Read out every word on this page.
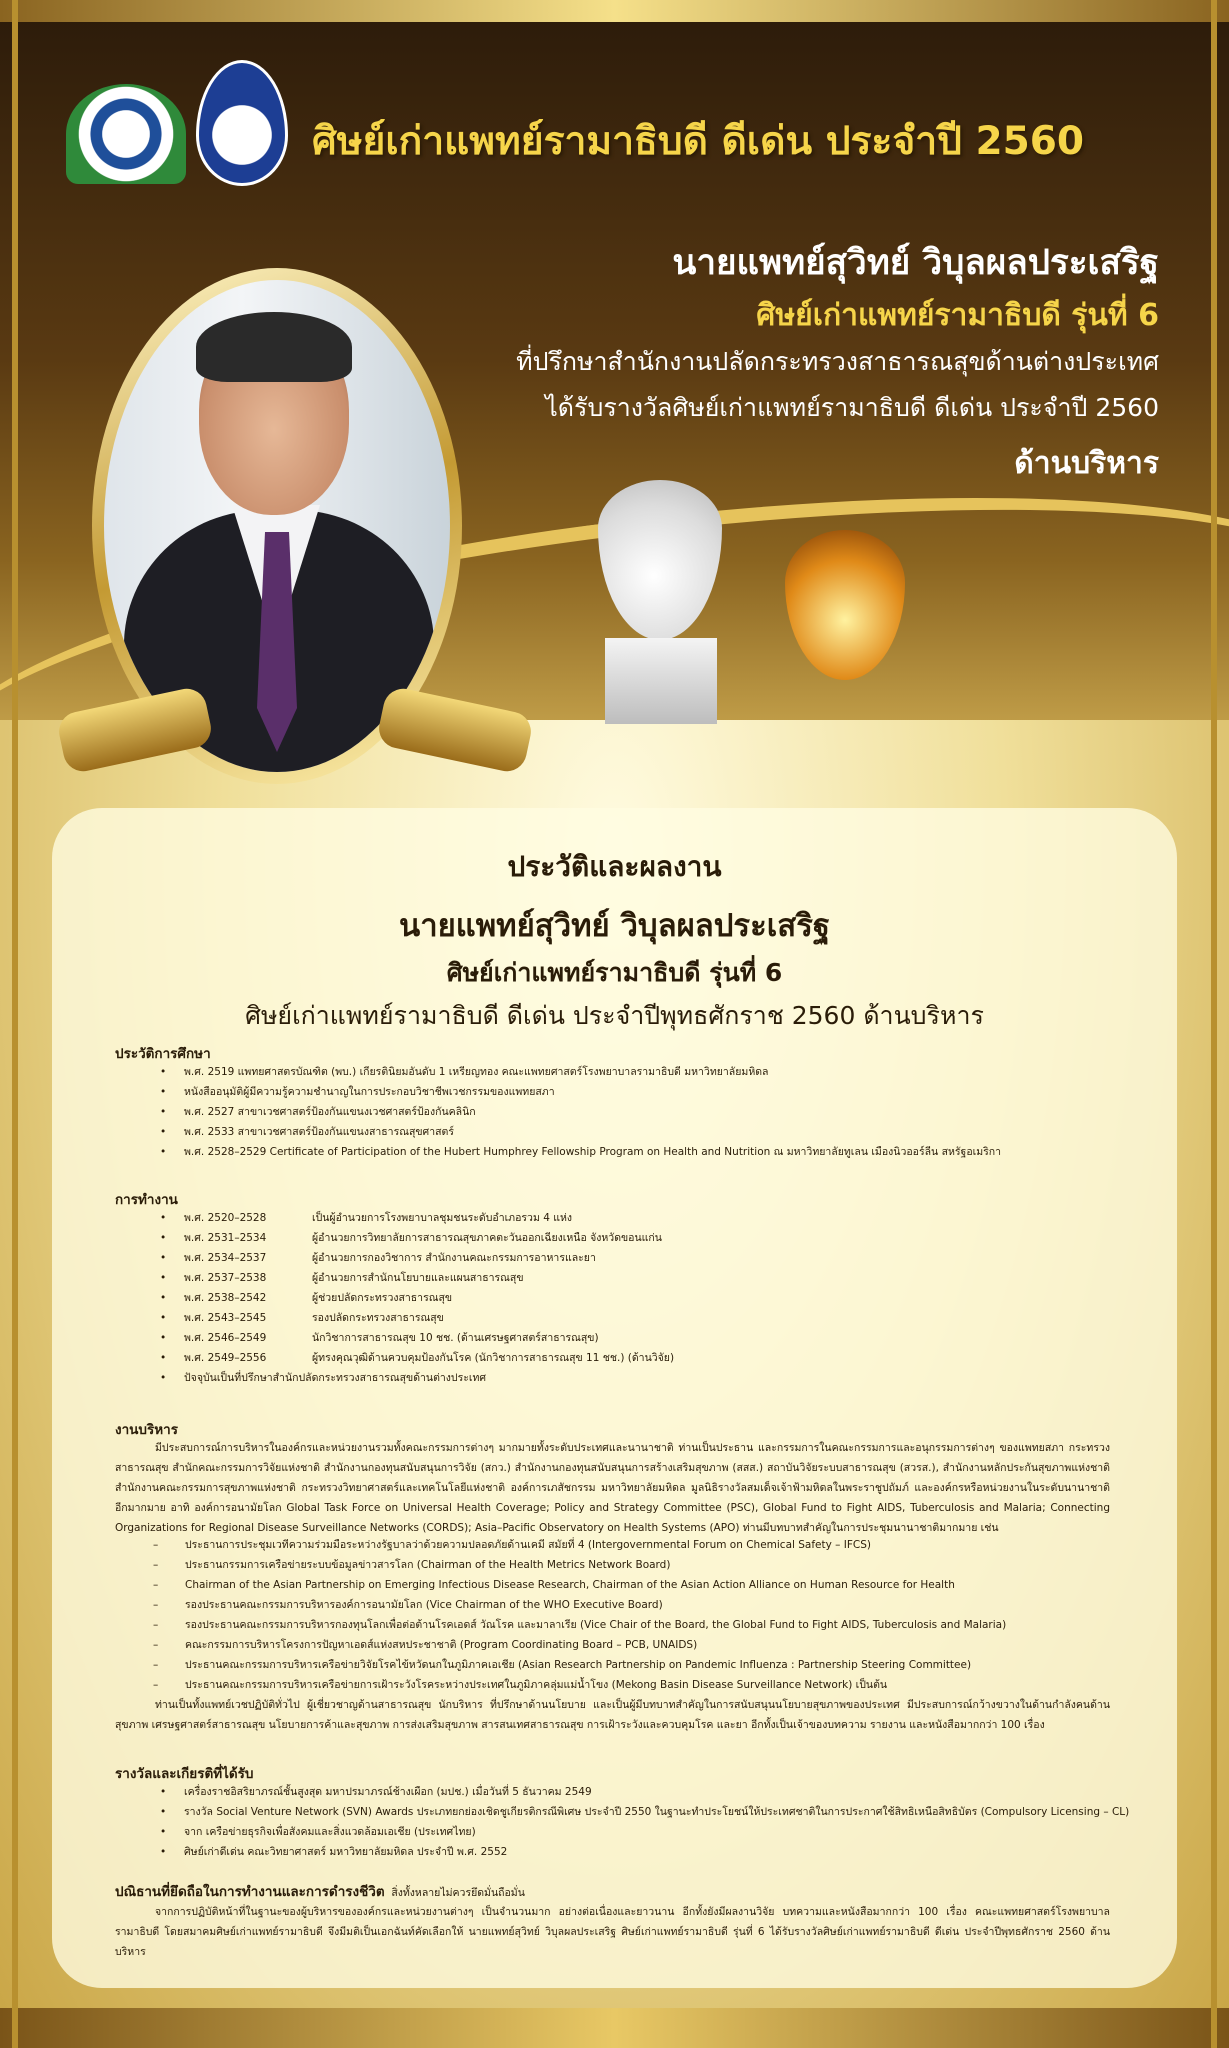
ศิษย์เก่าแพทย์รามาธิบดี ดีเด่น ประจำปี 2560
นายแพทย์สุวิทย์ วิบุลผลประเสริฐ
ศิษย์เก่าแพทย์รามาธิบดี รุ่นที่ 6
ที่ปรึกษาสำนักงานปลัดกระทรวงสาธารณสุขด้านต่างประเทศ
ได้รับรางวัลศิษย์เก่าแพทย์รามาธิบดี ดีเด่น ประจำปี 2560
ด้านบริหาร
ประวัติและผลงาน
นายแพทย์สุวิทย์ วิบุลผลประเสริฐ
ศิษย์เก่าแพทย์รามาธิบดี รุ่นที่ 6
ศิษย์เก่าแพทย์รามาธิบดี ดีเด่น ประจำปีพุทธศักราช 2560 ด้านบริหาร
ประวัติการศึกษา
• พ.ศ. 2519 แพทยศาสตรบัณฑิต (พบ.) เกียรตินิยมอันดับ 1 เหรียญทอง คณะแพทยศาสตร์โรงพยาบาลรามาธิบดี มหาวิทยาลัยมหิดล
• หนังสืออนุมัติผู้มีความรู้ความชำนาญในการประกอบวิชาชีพเวชกรรมของแพทยสภา
• พ.ศ. 2527 สาขาเวชศาสตร์ป้องกันแขนงเวชศาสตร์ป้องกันคลินิก
• พ.ศ. 2533 สาขาเวชศาสตร์ป้องกันแขนงสาธารณสุขศาสตร์
• พ.ศ. 2528–2529 Certificate of Participation of the Hubert Humphrey Fellowship Program on Health and Nutrition ณ มหาวิทยาลัยทูเลน เมืองนิวออร์ลีน สหรัฐอเมริกา
การทำงาน
• พ.ศ. 2520–2528	เป็นผู้อำนวยการโรงพยาบาลชุมชนระดับอำเภอรวม 4 แห่ง
• พ.ศ. 2531–2534	ผู้อำนวยการวิทยาลัยการสาธารณสุขภาคตะวันออกเฉียงเหนือ จังหวัดขอนแก่น
• พ.ศ. 2534–2537	ผู้อำนวยการกองวิชาการ สำนักงานคณะกรรมการอาหารและยา
• พ.ศ. 2537–2538	ผู้อำนวยการสำนักนโยบายและแผนสาธารณสุข
• พ.ศ. 2538–2542	ผู้ช่วยปลัดกระทรวงสาธารณสุข
• พ.ศ. 2543–2545	รองปลัดกระทรวงสาธารณสุข
• พ.ศ. 2546–2549	นักวิชาการสาธารณสุข 10 ชช. (ด้านเศรษฐศาสตร์สาธารณสุข)
• พ.ศ. 2549–2556	ผู้ทรงคุณวุฒิด้านควบคุมป้องกันโรค (นักวิชาการสาธารณสุข 11 ชช.) (ด้านวิจัย)
• ปัจจุบันเป็นที่ปรึกษาสำนักปลัดกระทรวงสาธารณสุขด้านต่างประเทศ
งานบริหาร
มีประสบการณ์การบริหารในองค์กรและหน่วยงานรวมทั้งคณะกรรมการต่างๆ มากมายทั้งระดับประเทศและนานาชาติ ท่านเป็นประธาน และกรรมการในคณะกรรมการและอนุกรรมการต่างๆ ของแพทยสภา กระทรวงสาธารณสุข สำนักคณะกรรมการวิจัยแห่งชาติ สำนักงานกองทุนสนับสนุนการวิจัย (สกว.) สำนักงานกองทุนสนับสนุนการสร้างเสริมสุขภาพ (สสส.) สถาบันวิจัยระบบสาธารณสุข (สวรส.), สำนักงานหลักประกันสุขภาพแห่งชาติ สำนักงานคณะกรรมการสุขภาพแห่งชาติ กระทรวงวิทยาศาสตร์และเทคโนโลยีแห่งชาติ องค์การเภสัชกรรม มหาวิทยาลัยมหิดล มูลนิธิรางวัลสมเด็จเจ้าฟ้ามหิดลในพระราชูปถัมภ์ และองค์กรหรือหน่วยงานในระดับนานาชาติ อีกมากมาย อาทิ องค์การอนามัยโลก Global Task Force on Universal Health Coverage; Policy and Strategy Committee (PSC), Global Fund to Fight AIDS, Tuberculosis and Malaria; Connecting Organizations for Regional Disease Surveillance Networks (CORDS); Asia–Pacific Observatory on Health Systems (APO) ท่านมีบทบาทสำคัญในการประชุมนานาชาติมากมาย เช่น
– ประธานการประชุมเวทีความร่วมมือระหว่างรัฐบาลว่าด้วยความปลอดภัยด้านเคมี สมัยที่ 4 (Intergovernmental Forum on Chemical Safety – IFCS)
– ประธานกรรมการเครือข่ายระบบข้อมูลข่าวสารโลก (Chairman of the Health Metrics Network Board)
– Chairman of the Asian Partnership on Emerging Infectious Disease Research, Chairman of the Asian Action Alliance on Human Resource for Health
– รองประธานคณะกรรมการบริหารองค์การอนามัยโลก (Vice Chairman of the WHO Executive Board)
– รองประธานคณะกรรมการบริหารกองทุนโลกเพื่อต่อต้านโรคเอดส์ วัณโรค และมาลาเรีย (Vice Chair of the Board, the Global Fund to Fight AIDS, Tuberculosis and Malaria)
– คณะกรรมการบริหารโครงการปัญหาเอดส์แห่งสหประชาชาติ (Program Coordinating Board – PCB, UNAIDS)
– ประธานคณะกรรมการบริหารเครือข่ายวิจัยโรคไข้หวัดนกในภูมิภาคเอเชีย (Asian Research Partnership on Pandemic Influenza : Partnership Steering Committee)
– ประธานคณะกรรมการบริหารเครือข่ายการเฝ้าระวังโรคระหว่างประเทศในภูมิภาคลุ่มแม่น้ำโขง (Mekong Basin Disease Surveillance Network) เป็นต้น
ท่านเป็นทั้งแพทย์เวชปฏิบัติทั่วไป ผู้เชี่ยวชาญด้านสาธารณสุข นักบริหาร ที่ปรึกษาด้านนโยบาย และเป็นผู้มีบทบาทสำคัญในการสนับสนุนนโยบายสุขภาพของประเทศ มีประสบการณ์กว้างขวางในด้านกำลังคนด้านสุขภาพ เศรษฐศาสตร์สาธารณสุข นโยบายการค้าและสุขภาพ การส่งเสริมสุขภาพ สารสนเทศสาธารณสุข การเฝ้าระวังและควบคุมโรค และยา อีกทั้งเป็นเจ้าของบทความ รายงาน และหนังสือมากกว่า 100 เรื่อง
รางวัลและเกียรติที่ได้รับ
• เครื่องราชอิสริยาภรณ์ชั้นสูงสุด มหาปรมาภรณ์ช้างเผือก (มปช.) เมื่อวันที่ 5 ธันวาคม 2549
• รางวัล Social Venture Network (SVN) Awards ประเภทยกย่องเชิดชูเกียรติกรณีพิเศษ ประจำปี 2550 ในฐานะทำประโยชน์ให้ประเทศชาติในการประกาศใช้สิทธิเหนือสิทธิบัตร (Compulsory Licensing – CL)
• จาก เครือข่ายธุรกิจเพื่อสังคมและสิ่งแวดล้อมเอเชีย (ประเทศไทย)
• ศิษย์เก่าดีเด่น คณะวิทยาศาสตร์ มหาวิทยาลัยมหิดล ประจำปี พ.ศ. 2552
ปณิธานที่ยึดถือในการทำงานและการดำรงชีวิต สิ่งทั้งหลายไม่ควรยึดมั่นถือมั่น
จากการปฏิบัติหน้าที่ในฐานะของผู้บริหารขององค์กรและหน่วยงานต่างๆ เป็นจำนวนมาก อย่างต่อเนื่องและยาวนาน อีกทั้งยังมีผลงานวิจัย บทความและหนังสือมากกว่า 100 เรื่อง คณะแพทยศาสตร์โรงพยาบาลรามาธิบดี โดยสมาคมศิษย์เก่าแพทย์รามาธิบดี จึงมีมติเป็นเอกฉันท์คัดเลือกให้ นายแพทย์สุวิทย์ วิบุลผลประเสริฐ ศิษย์เก่าแพทย์รามาธิบดี รุ่นที่ 6 ได้รับรางวัลศิษย์เก่าแพทย์รามาธิบดี ดีเด่น ประจำปีพุทธศักราช 2560 ด้านบริหาร
